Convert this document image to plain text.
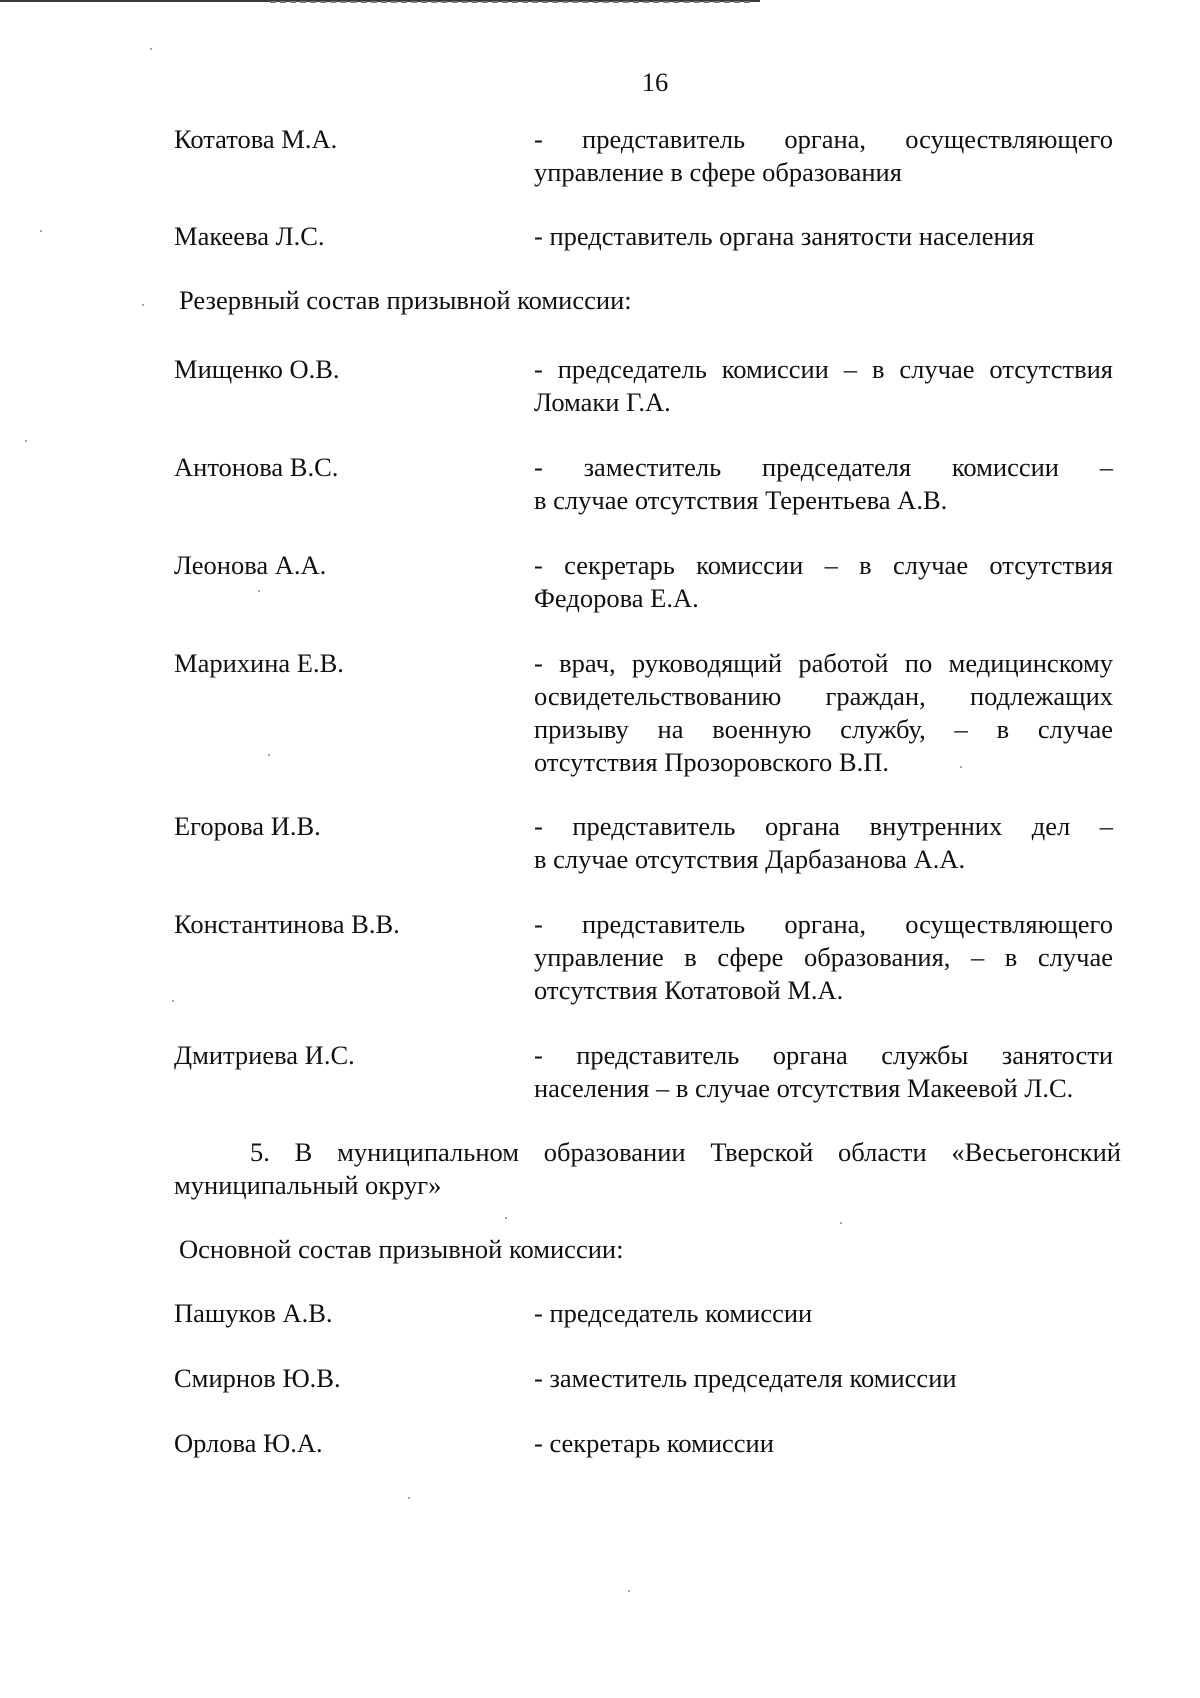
16
Котатова М.А.	- представитель органа, осуществляющего
управление в сфере образования
Макеева Л.С.	- представитель органа занятости населения
Резервный состав призывной комиссии:
Мищенко О.В.	- председатель комиссии – в случае отсутствия
Ломаки Г.А.
Антонова В.С.	- заместитель председателя комиссии –
в случае отсутствия Терентьева А.В.
Леонова А.А.	- секретарь комиссии – в случае отсутствия
Федорова Е.А.
Марихина Е.В.	- врач, руководящий работой по медицинскому
освидетельствованию граждан, подлежащих
призыву на военную службу, – в случае
отсутствия Прозоровского В.П.
Егорова И.В.	- представитель органа внутренних дел –
в случае отсутствия Дарбазанова А.А.
Константинова В.В.	- представитель органа, осуществляющего
управление в сфере образования, – в случае
отсутствия Котатовой М.А.
Дмитриева И.С.	- представитель органа службы занятости
населения – в случае отсутствия Макеевой Л.С.
5. В муниципальном образовании Тверской области «Весьегонский
муниципальный округ»
Основной состав призывной комиссии:
Пашуков А.В.	- председатель комиссии
Смирнов Ю.В.	- заместитель председателя комиссии
Орлова Ю.А.	- секретарь комиссии
